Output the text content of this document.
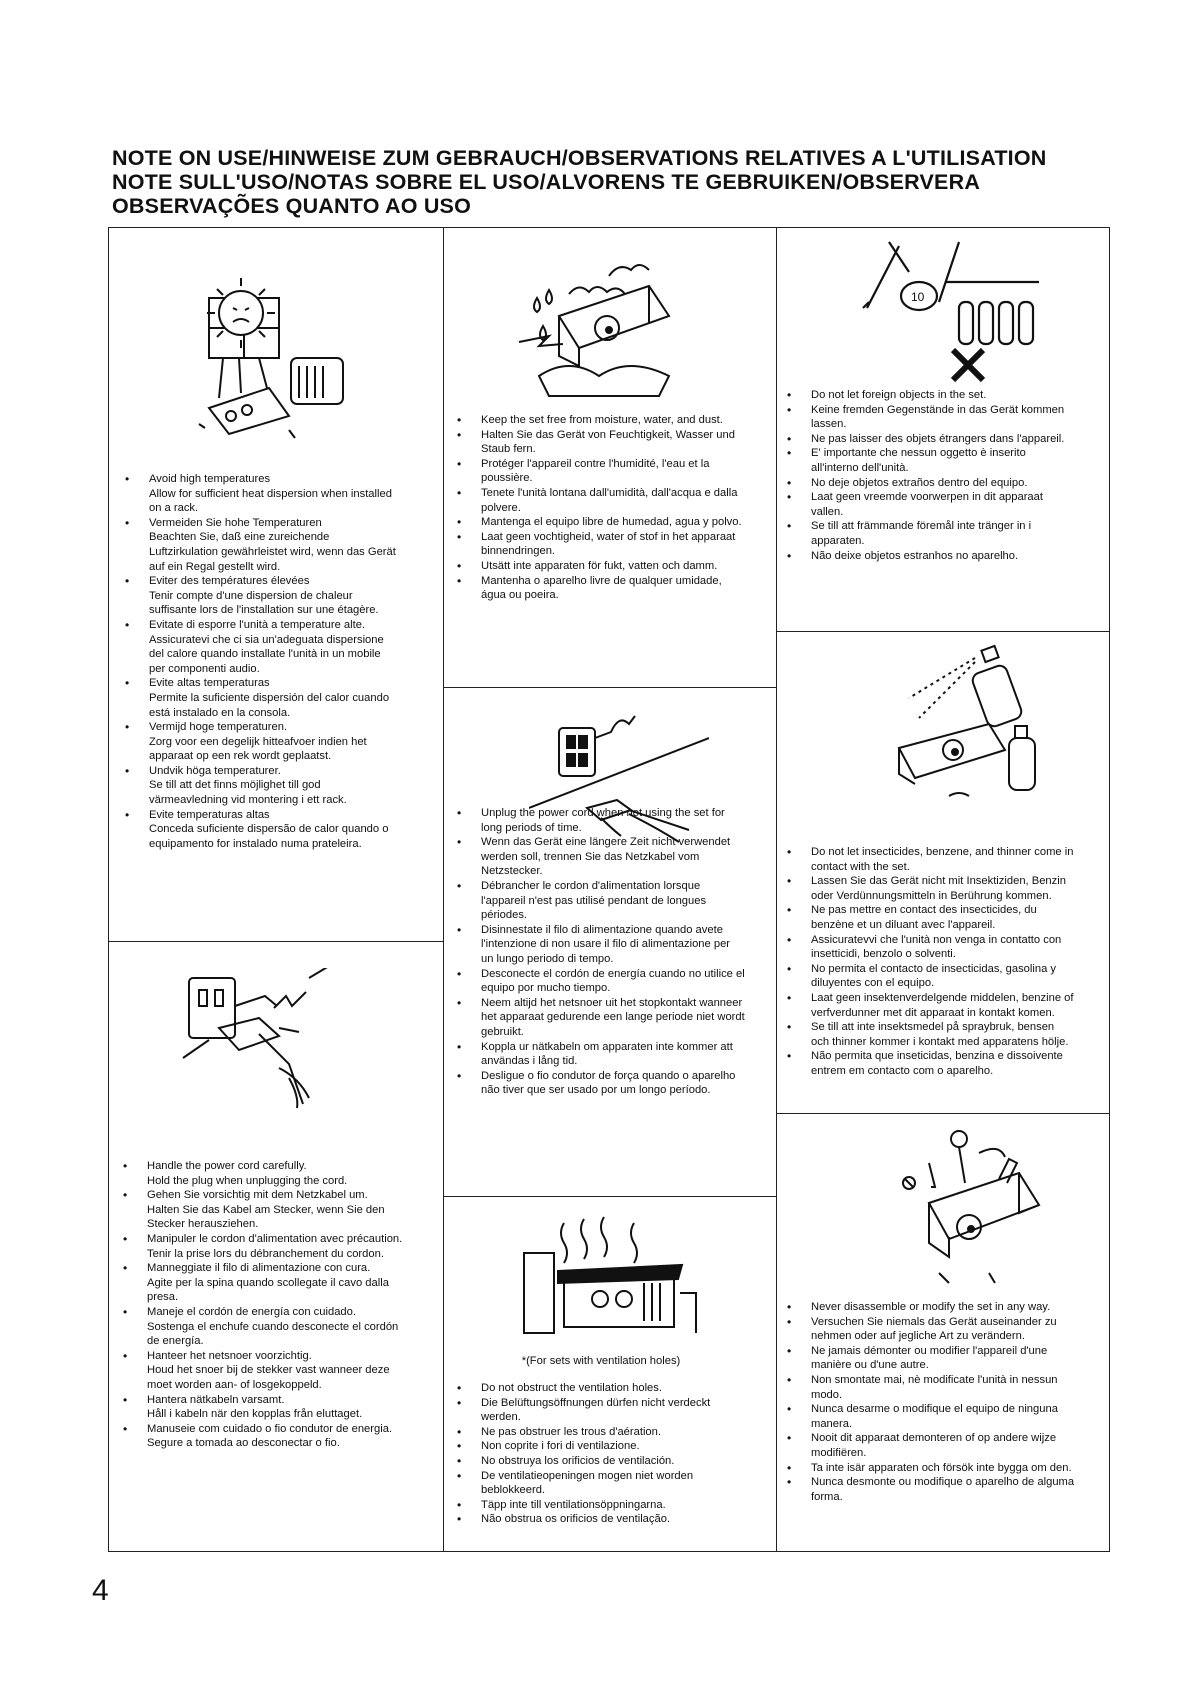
NOTE ON USE/HINWEISE ZUM GEBRAUCH/OBSERVATIONS RELATIVES A L'UTILISATION
NOTE SULL'USO/NOTAS SOBRE EL USO/ALVORENS TE GEBRUIKEN/OBSERVERA
OBSERVAÇÕES QUANTO AO USO
• Avoid high temperatures
Allow for sufficient heat dispersion when installed on a rack.
• Vermeiden Sie hohe Temperaturen
Beachten Sie, daß eine zureichende Luftzirkulation gewährleistet wird, wenn das Gerät auf ein Regal gestellt wird.
• Eviter des températures élevées
Tenir compte d'une dispersion de chaleur suffisante lors de l'installation sur une étagère.
• Evitate di esporre l'unità a temperature alte.
Assicuratevi che ci sia un'adeguata dispersione del calore quando installate l'unità in un mobile per componenti audio.
• Evite altas temperaturas
Permite la suficiente dispersión del calor cuando está instalado en la consola.
• Vermijd hoge temperaturen.
Zorg voor een degelijk hitteafvoer indien het apparaat op een rek wordt geplaatst.
• Undvik höga temperaturer.
Se till att det finns möjlighet till god värmeavledning vid montering i ett rack.
• Evite temperaturas altas
Conceda suficiente dispersão de calor quando o equipamento for instalado numa prateleira.
• Handle the power cord carefully.
Hold the plug when unplugging the cord.
• Gehen Sie vorsichtig mit dem Netzkabel um.
Halten Sie das Kabel am Stecker, wenn Sie den Stecker herausziehen.
• Manipuler le cordon d'alimentation avec précaution.
Tenir la prise lors du débranchement du cordon.
• Manneggiate il filo di alimentazione con cura.
Agite per la spina quando scollegate il cavo dalla presa.
• Maneje el cordón de energía con cuidado.
Sostenga el enchufe cuando desconecte el cordón de energía.
• Hanteer het netsnoer voorzichtig.
Houd het snoer bij de stekker vast wanneer deze moet worden aan- of losgekoppeld.
• Hantera nätkabeln varsamt.
Håll i kabeln när den kopplas från eluttaget.
• Manuseie com cuidado o fio condutor de energia.
Segure a tomada ao desconectar o fio.
• Keep the set free from moisture, water, and dust.
• Halten Sie das Gerät von Feuchtigkeit, Wasser und Staub fern.
• Protéger l'appareil contre l'humidité, l'eau et la poussière.
• Tenete l'unità lontana dall'umidità, dall'acqua e dalla polvere.
• Mantenga el equipo libre de humedad, agua y polvo.
• Laat geen vochtigheid, water of stof in het apparaat binnendringen.
• Utsätt inte apparaten för fukt, vatten och damm.
• Mantenha o aparelho livre de qualquer umidade, água ou poeira.
• Unplug the power cord when not using the set for long periods of time.
• Wenn das Gerät eine längere Zeit nicht verwendet werden soll, trennen Sie das Netzkabel vom Netzstecker.
• Débrancher le cordon d'alimentation lorsque l'appareil n'est pas utilisé pendant de longues périodes.
• Disinnestate il filo di alimentazione quando avete l'intenzione di non usare il filo di alimentazione per un lungo periodo di tempo.
• Desconecte el cordón de energía cuando no utilice el equipo por mucho tiempo.
• Neem altijd het netsnoer uit het stopkontakt wanneer het apparaat gedurende een lange periode niet wordt gebruikt.
• Koppla ur nätkabeln om apparaten inte kommer att användas i lång tid.
• Desligue o fio condutor de força quando o aparelho não tiver que ser usado por um longo período.
*(For sets with ventilation holes)
• Do not obstruct the ventilation holes.
• Die Belüftungsöffnungen dürfen nicht verdeckt werden.
• Ne pas obstruer les trous d'aération.
• Non coprite i fori di ventilazione.
• No obstruya los orificios de ventilación.
• De ventilatieopeningen mogen niet worden beblokkeerd.
• Täpp inte till ventilationsöppningarna.
• Não obstrua os orificios de ventilação.
10
• Do not let foreign objects in the set.
• Keine fremden Gegenstände in das Gerät kommen lassen.
• Ne pas laisser des objets étrangers dans l'appareil.
• E' importante che nessun oggetto è inserito all'interno dell'unità.
• No deje objetos extraños dentro del equipo.
• Laat geen vreemde voorwerpen in dit apparaat vallen.
• Se till att främmande föremål inte tränger in i apparaten.
• Não deixe objetos estranhos no aparelho.
• Do not let insecticides, benzene, and thinner come in contact with the set.
• Lassen Sie das Gerät nicht mit Insektiziden, Benzin oder Verdünnungsmitteln in Berührung kommen.
• Ne pas mettre en contact des insecticides, du benzène et un diluant avec l'appareil.
• Assicuratevvi che l'unità non venga in contatto con insetticidi, benzolo o solventi.
• No permita el contacto de insecticidas, gasolina y diluyentes con el equipo.
• Laat geen insektenverdelgende middelen, benzine of verfverdunner met dit apparaat in kontakt komen.
• Se till att inte insektsmedel på spraybruk, bensen och thinner kommer i kontakt med apparatens hölje.
• Não permita que inseticidas, benzina e dissoivente entrem em contacto com o aparelho.
• Never disassemble or modify the set in any way.
• Versuchen Sie niemals das Gerät auseinander zu nehmen oder auf jegliche Art zu verändern.
• Ne jamais démonter ou modifier l'appareil d'une manière ou d'une autre.
• Non smontate mai, nè modificate l'unità in nessun modo.
• Nunca desarme o modifique el equipo de ninguna manera.
• Nooit dit apparaat demonteren of op andere wijze modifiëren.
• Ta inte isär apparaten och försök inte bygga om den.
• Nunca desmonte ou modifique o aparelho de alguma forma.
4
